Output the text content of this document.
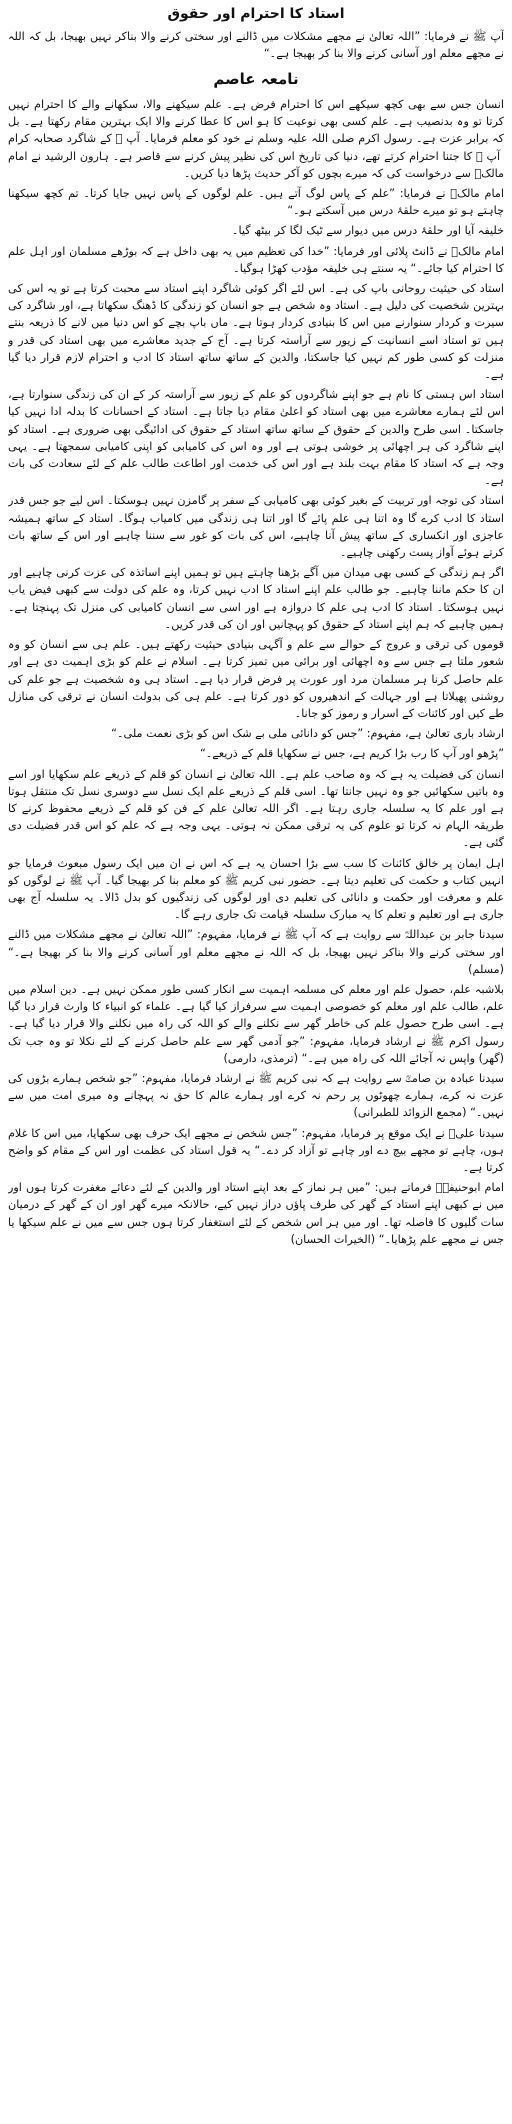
استاد کا احترام اور حقوق
آپ ﷺ نے فرمایا: ”اللہ تعالیٰ نے مجھے مشکلات میں ڈالنے اور سختی کرنے والا بناکر نہیں بھیجا، بل کہ اللہ نے مجھے معلم اور آسانی کرنے والا بنا کر بھیجا ہے۔“
نامعہ عاصم
انسان جس سے بھی کچھ سیکھے اس کا احترام فرض ہے۔ علم سیکھنے والا، سکھانے والے کا احترام نہیں کرتا تو وہ بدنصیب ہے۔ علم کسی بھی نوعیت کا ہو اس کا عطا کرنے والا ایک بہترین مقام رکھتا ہے۔ بل کہ برابر عزت ہے۔ رسول اکرم صلی اللہ علیہ وسلم نے خود کو معلم فرمایا۔ آپ ﷺ کے شاگرد صحابہ کرام ؓ آپ ﷺ کا جتنا احترام کرتے تھے، دنیا کی تاریخ اس کی نظیر پیش کرنے سے قاصر ہے۔ ہارون الرشید نے امام مالکؒ سے درخواست کی کہ میرے بچوں کو آکر حدیث پڑھا دیا کریں۔
امام مالکؒ نے فرمایا: ”علم کے پاس لوگ آتے ہیں۔ علم لوگوں کے پاس نہیں جایا کرتا۔ تم کچھ سیکھنا چاہتے ہو تو میرے حلقۂ درس میں آسکتے ہو۔“
خلیفہ آیا اور حلقۂ درس میں دیوار سے ٹیک لگا کر بیٹھ گیا۔
امام مالکؒ نے ڈانٹ پلائی اور فرمایا: ”خدا کی تعظیم میں یہ بھی داخل ہے کہ بوڑھے مسلمان اور اہل علم کا احترام کیا جائے۔“ یہ سنتے ہی خلیفہ مؤدب کھڑا ہوگیا۔
استاد کی حیثیت روحانی باپ کی ہے۔ اس لئے اگر کوئی شاگرد اپنے استاد سے محبت کرتا ہے تو یہ اس کی بہترین شخصیت کی دلیل ہے۔ استاد وہ شخص ہے جو انسان کو زندگی کا ڈھنگ سکھاتا ہے، اور شاگرد کی سیرت و کردار سنوارنے میں اس کا بنیادی کردار ہوتا ہے۔ ماں باپ بچے کو اس دنیا میں لانے کا ذریعہ بنتے ہیں تو استاد اسے انسانیت کے زیور سے آراستہ کرتا ہے۔ آج کے جدید معاشرے میں بھی استاد کی قدر و منزلت کو کسی طور کم نہیں کیا جاسکتا، والدین کے ساتھ ساتھ استاد کا ادب و احترام لازم قرار دیا گیا ہے۔
استاد اس ہستی کا نام ہے جو اپنے شاگردوں کو علم کے زیور سے آراستہ کر کے ان کی زندگی سنوارتا ہے، اس لئے ہمارے معاشرے میں بھی استاد کو اعلیٰ مقام دیا جاتا ہے۔ استاد کے احسانات کا بدلہ ادا نہیں کیا جاسکتا۔ اسی طرح والدین کے حقوق کے ساتھ ساتھ استاد کے حقوق کی ادائیگی بھی ضروری ہے۔ استاد کو اپنے شاگرد کی ہر اچھائی پر خوشی ہوتی ہے اور وہ اس کی کامیابی کو اپنی کامیابی سمجھتا ہے۔ یہی وجہ ہے کہ استاد کا مقام بہت بلند ہے اور اس کی خدمت اور اطاعت طالب علم کے لئے سعادت کی بات ہے۔
استاد کی توجہ اور تربیت کے بغیر کوئی بھی کامیابی کے سفر پر گامزن نہیں ہوسکتا۔ اس لیے جو جس قدر استاد کا ادب کرے گا وہ اتنا ہی علم پائے گا اور اتنا ہی زندگی میں کامیاب ہوگا۔ استاد کے ساتھ ہمیشہ عاجزی اور انکساری کے ساتھ پیش آنا چاہیے، اس کی بات کو غور سے سننا چاہیے اور اس کے ساتھ بات کرتے ہوئے آواز پست رکھنی چاہیے۔
اگر ہم زندگی کے کسی بھی میدان میں آگے بڑھنا چاہتے ہیں تو ہمیں اپنے اساتذہ کی عزت کرنی چاہیے اور ان کا حکم ماننا چاہیے۔ جو طالب علم اپنے استاد کا ادب نہیں کرتا، وہ علم کی دولت سے کبھی فیض یاب نہیں ہوسکتا۔ استاد کا ادب ہی علم کا دروازہ ہے اور اسی سے انسان کامیابی کی منزل تک پہنچتا ہے۔ ہمیں چاہیے کہ ہم اپنے استاد کے حقوق کو پہچانیں اور ان کی قدر کریں۔
قوموں کی ترقی و عروج کے حوالے سے علم و آگہی بنیادی حیثیت رکھتے ہیں۔ علم ہی سے انسان کو وہ شعور ملتا ہے جس سے وہ اچھائی اور برائی میں تمیز کرتا ہے۔ اسلام نے علم کو بڑی اہمیت دی ہے اور علم حاصل کرنا ہر مسلمان مرد اور عورت پر فرض قرار دیا ہے۔ استاد ہی وہ شخصیت ہے جو علم کی روشنی پھیلاتا ہے اور جہالت کے اندھیروں کو دور کرتا ہے۔ علم ہی کی بدولت انسان نے ترقی کی منازل طے کیں اور کائنات کے اسرار و رموز کو جانا۔
ارشاد باری تعالیٰ ہے، مفہوم: ”جس کو دانائی ملی بے شک اس کو بڑی نعمت ملی۔“
”پڑھو اور آپ کا رب بڑا کریم ہے، جس نے سکھایا قلم کے ذریعے۔“
انسان کی فضیلت یہ ہے کہ وہ صاحب علم ہے۔ اللہ تعالیٰ نے انسان کو قلم کے ذریعے علم سکھایا اور اسے وہ باتیں سکھائیں جو وہ نہیں جانتا تھا۔ اسی قلم کے ذریعے علم ایک نسل سے دوسری نسل تک منتقل ہوتا ہے اور علم کا یہ سلسلہ جاری رہتا ہے۔ اگر اللہ تعالیٰ علم کے فن کو قلم کے ذریعے محفوظ کرنے کا طریقہ الہام نہ کرتا تو علوم کی یہ ترقی ممکن نہ ہوتی۔ یہی وجہ ہے کہ علم کو اس قدر فضیلت دی گئی ہے۔
اہل ایمان پر خالق کائنات کا سب سے بڑا احسان یہ ہے کہ اس نے ان میں ایک رسول مبعوث فرمایا جو انہیں کتاب و حکمت کی تعلیم دیتا ہے۔ حضور نبی کریم ﷺ کو معلم بنا کر بھیجا گیا۔ آپ ﷺ نے لوگوں کو علم و معرفت اور حکمت و دانائی کی تعلیم دی اور لوگوں کی زندگیوں کو بدل ڈالا۔ یہ سلسلہ آج بھی جاری ہے اور تعلیم و تعلم کا یہ مبارک سلسلہ قیامت تک جاری رہے گا۔
سیدنا جابر بن عبداللہؓ سے روایت ہے کہ آپ ﷺ نے فرمایا، مفہوم: ”اللہ تعالیٰ نے مجھے مشکلات میں ڈالنے اور سختی کرنے والا بناکر نہیں بھیجا، بل کہ اللہ نے مجھے معلم اور آسانی کرنے والا بنا کر بھیجا ہے۔“ (مسلم)
بلاشبہ علم، حصول علم اور معلم کی مسلمہ اہمیت سے انکار کسی طور ممکن نہیں ہے۔ دین اسلام میں علم، طالب علم اور معلم کو خصوصی اہمیت سے سرفراز کیا گیا ہے۔ علماء کو انبیاء کا وارث قرار دیا گیا ہے۔ اسی طرح حصول علم کی خاطر گھر سے نکلنے والے کو اللہ کی راہ میں نکلنے والا قرار دیا گیا ہے۔ رسول اکرم ﷺ نے ارشاد فرمایا، مفہوم: ”جو آدمی گھر سے علم حاصل کرنے کے لئے نکلا تو وہ جب تک (گھر) واپس نہ آجائے اللہ کی راہ میں ہے۔“ (ترمذی، دارمی)
سیدنا عبادہ بن صامتؓ سے روایت ہے کہ نبی کریم ﷺ نے ارشاد فرمایا، مفہوم: ”جو شخص ہمارے بڑوں کی عزت نہ کرے، ہمارے چھوٹوں پر رحم نہ کرے اور ہمارے عالم کا حق نہ پہچانے وہ میری امت میں سے نہیں۔“ (مجمع الزوائد للطبرانی)
سیدنا علیؓ نے ایک موقع پر فرمایا، مفہوم: ”جس شخص نے مجھے ایک حرف بھی سکھایا، میں اس کا غلام ہوں، چاہے تو مجھے بیچ دے اور چاہے تو آزاد کر دے۔“ یہ قول استاد کی عظمت اور اس کے مقام کو واضح کرتا ہے۔
امام ابوحنیفہؒ فرماتے ہیں: ”میں ہر نماز کے بعد اپنے استاد اور والدین کے لئے دعائے مغفرت کرتا ہوں اور میں نے کبھی اپنے استاد کے گھر کی طرف پاؤں دراز نہیں کیے، حالانکہ میرے گھر اور ان کے گھر کے درمیان سات گلیوں کا فاصلہ تھا۔ اور میں ہر اس شخص کے لئے استغفار کرتا ہوں جس سے میں نے علم سیکھا یا جس نے مجھے علم پڑھایا۔“ (الخیرات الحسان)
